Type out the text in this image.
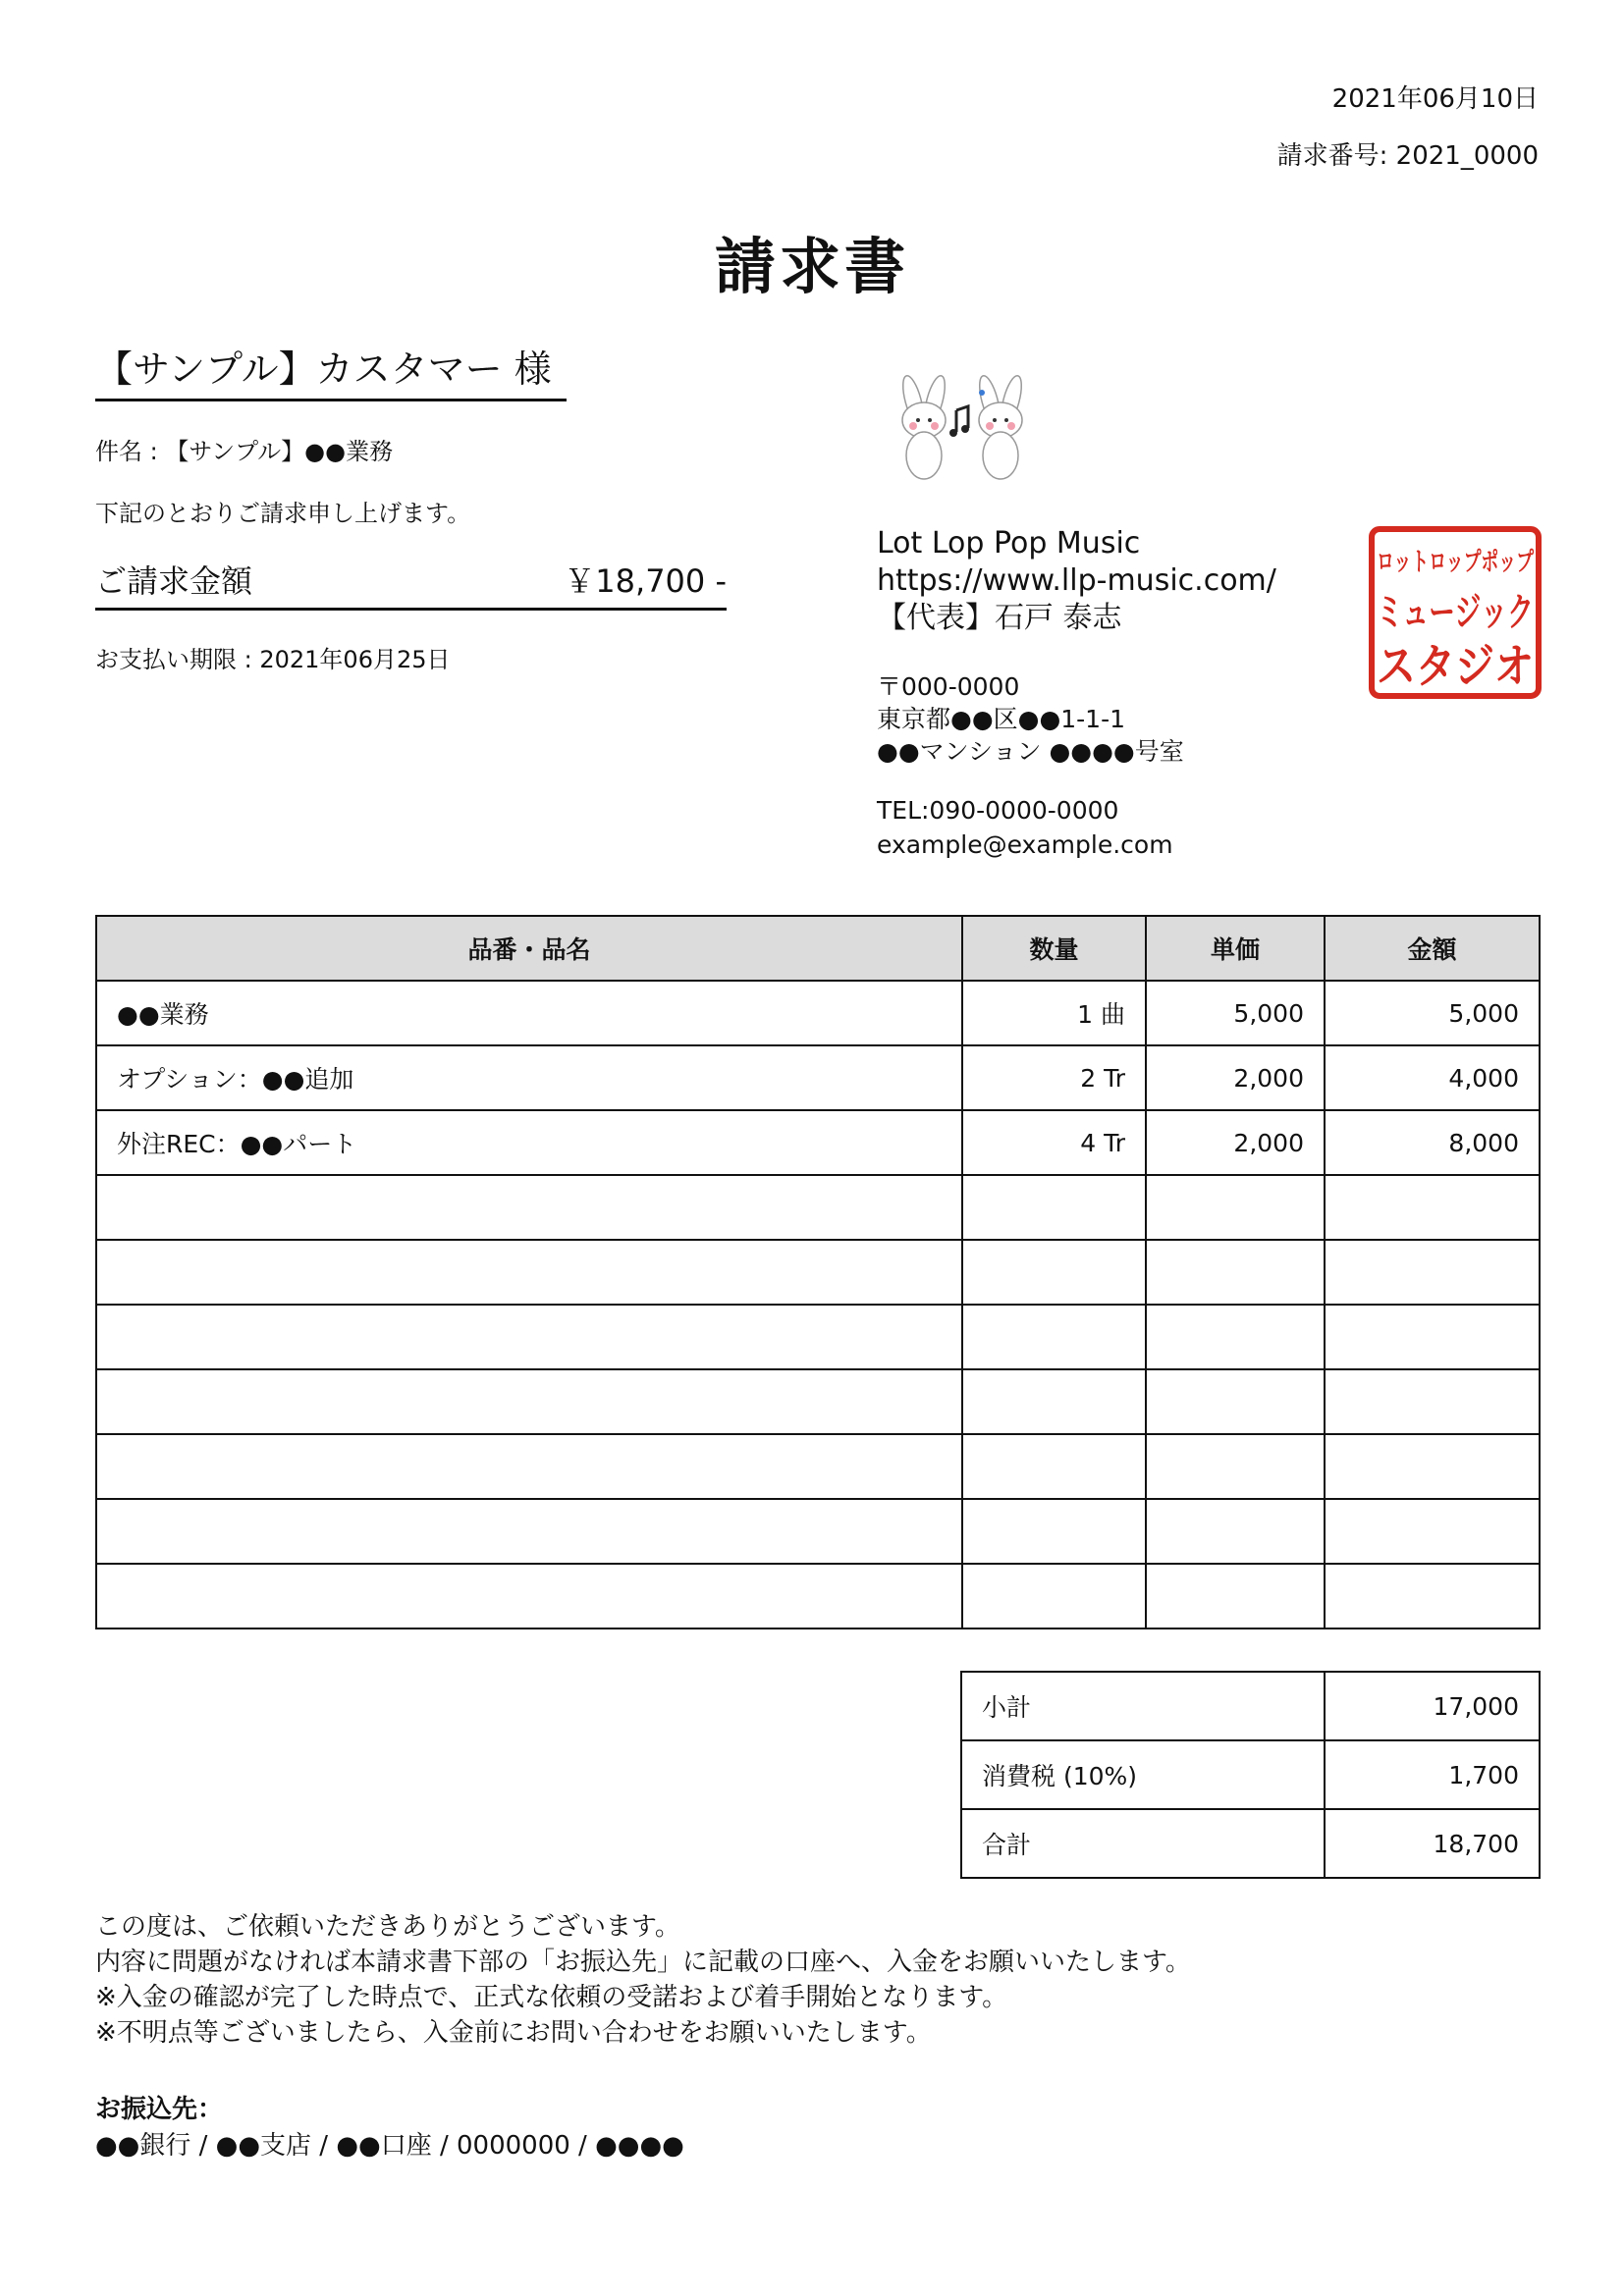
2021年06月10日
請求番号: 2021_0000
請求書
【サンプル】カスタマー 様
件名 : 【サンプル】●●業務
下記のとおりご請求申し上げます。
ご請求金額	￥18,700 -
お支払い期限 : 2021年06月25日
Lot Lop Pop Music
https://www.llp-music.com/
【代表】石戸 泰志
〒000-0000
東京都●●区●●1-1-1
●●マンション ●●●●号室
TEL:090-0000-0000
example@example.com
ロットロップポップ
ミュージック
スタジオ
品番・品名	数量	単価	金額
●●業務	1 曲	5,000	5,000
オプション：●●追加	2 Tr	2,000	4,000
外注REC：●●パート	4 Tr	2,000	8,000

小計	17,000
消費税 (10%)	1,700
合計	18,700
この度は、ご依頼いただきありがとうございます。
内容に問題がなければ本請求書下部の「お振込先」に記載の口座へ、入金をお願いいたします。
※入金の確認が完了した時点で、正式な依頼の受諾および着手開始となります。
※不明点等ございましたら、入金前にお問い合わせをお願いいたします。
お振込先：
●●銀行 / ●●支店 / ●●口座 / 0000000 / ●●●●
